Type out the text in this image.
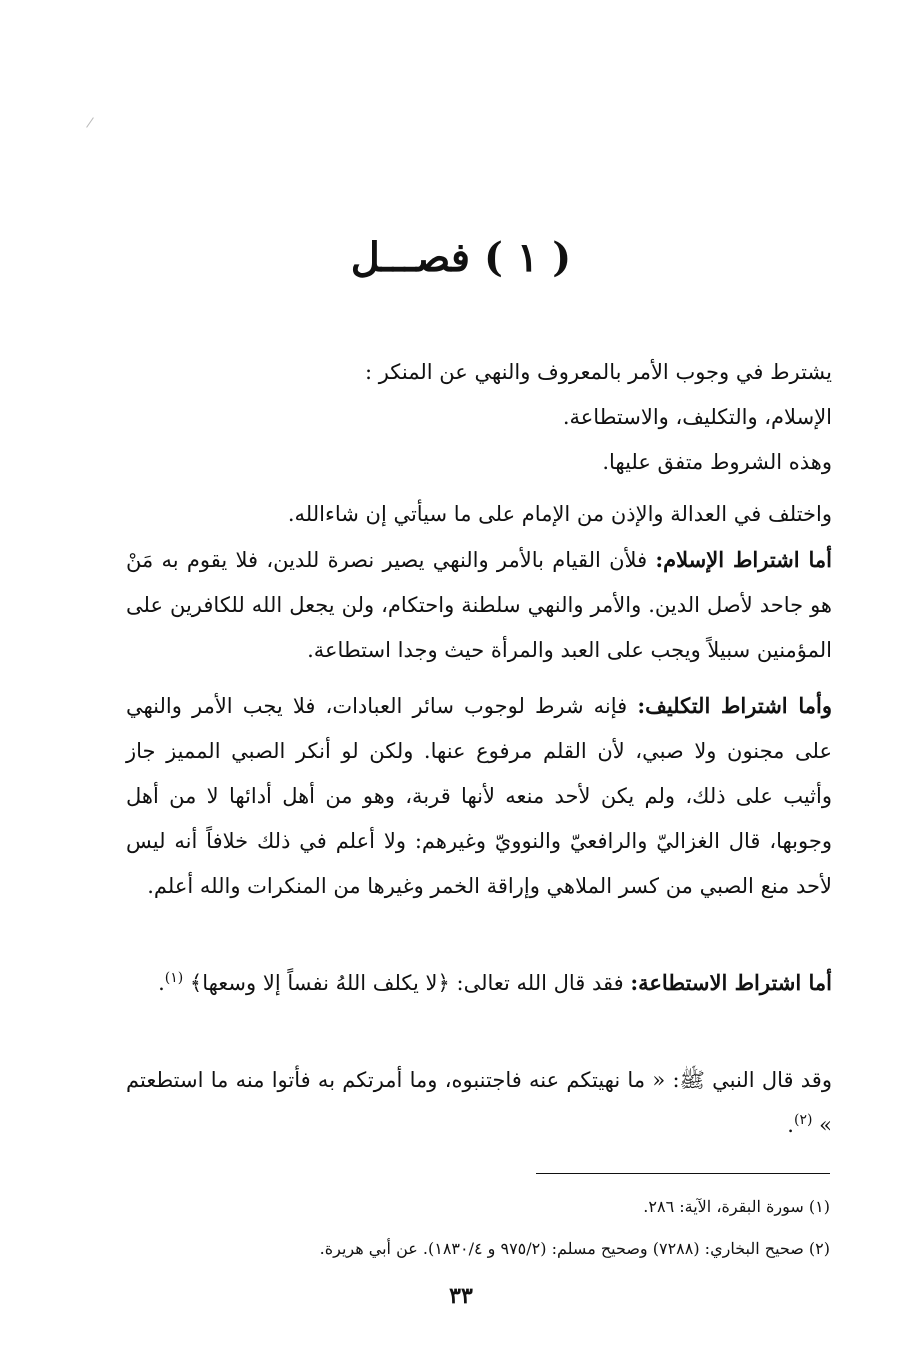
( ١ ) فصـــل
يشترط في وجوب الأمر بالمعروف والنهي عن المنكر :
الإسلام، والتكليف، والاستطاعة.
وهذه الشروط متفق عليها.
واختلف في العدالة والإذن من الإمام على ما سيأتي إن شاءالله.
أما اشتراط الإسلام: فلأن القيام بالأمر والنهي يصير نصرة للدين، فلا يقوم به مَنْ هو جاحد لأصل الدين. والأمر والنهي سلطنة واحتكام، ولن يجعل الله للكافرين على المؤمنين سبيلاً ويجب على العبد والمرأة حيث وجدا استطاعة.
وأما اشتراط التكليف: فإنه شرط لوجوب سائر العبادات، فلا يجب الأمر والنهي على مجنون ولا صبي، لأن القلم مرفوع عنها. ولكن لو أنكر الصبي المميز جاز وأثيب على ذلك، ولم يكن لأحد منعه لأنها قربة، وهو من أهل أدائها لا من أهل وجوبها، قال الغزاليّ والرافعيّ والنوويّ وغيرهم: ولا أعلم في ذلك خلافاً أنه ليس لأحد منع الصبي من كسر الملاهي وإراقة الخمر وغيرها من المنكرات والله أعلم.
أما اشتراط الاستطاعة: فقد قال الله تعالى: ﴿لا يكلف اللهُ نفساً إلا وسعها﴾ $^{(١)}$.
وقد قال النبي ﷺ: « ما نهيتكم عنه فاجتنبوه، وما أمرتكم به فأتوا منه ما استطعتم » $^{(٢)}$.
(١) سورة البقرة، الآية: ٢٨٦.
(٢) صحيح البخاري: (٧٢٨٨) وصحيح مسلم: (٩٧٥/٢ و ١٨٣٠/٤). عن أبي هريرة.
٣٣
